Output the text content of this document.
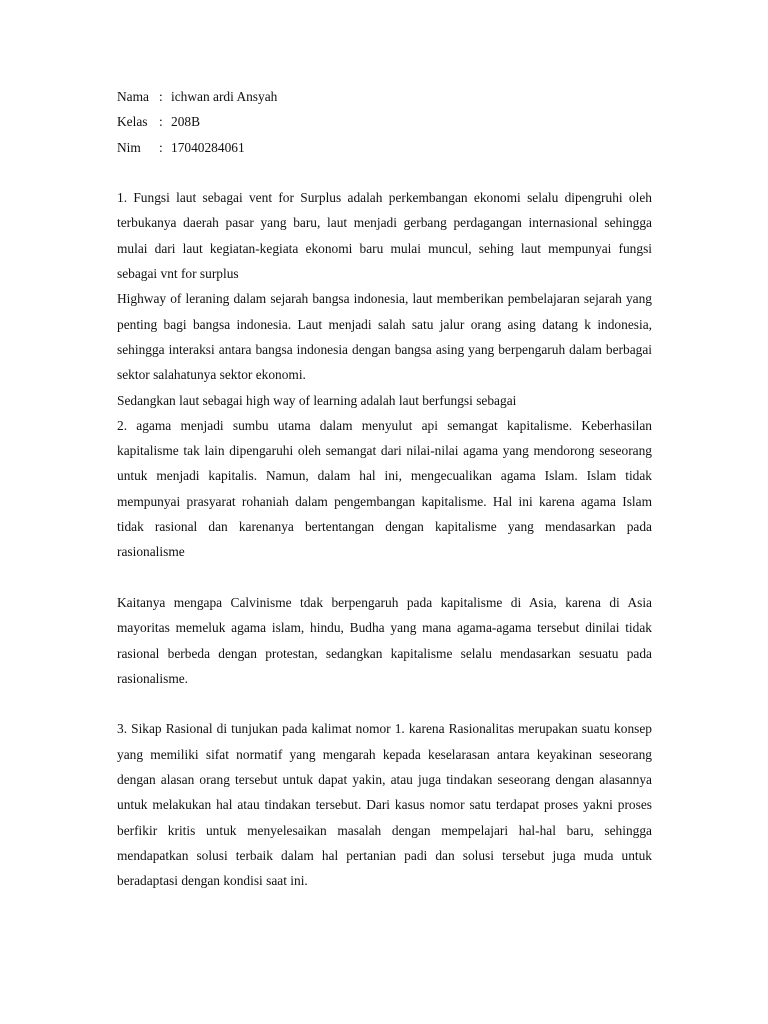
Nama : ichwan ardi Ansyah
Kelas : 208B
Nim : 17040284061

1. Fungsi laut sebagai vent for Surplus adalah perkembangan ekonomi selalu dipengruhi oleh terbukanya daerah pasar yang baru, laut menjadi gerbang perdagangan internasional sehingga mulai dari laut kegiatan-kegiata ekonomi baru mulai muncul, sehing laut mempunyai fungsi sebagai vnt for surplus

Highway of leraning dalam sejarah bangsa indonesia, laut memberikan pembelajaran sejarah yang penting bagi bangsa indonesia. Laut menjadi salah satu jalur orang asing datang k indonesia, sehingga interaksi antara bangsa indonesia dengan bangsa asing yang berpengaruh dalam berbagai sektor salahatunya sektor ekonomi.

Sedangkan laut sebagai high way of learning adalah laut berfungsi sebagai

2. agama menjadi sumbu utama dalam menyulut api semangat kapitalisme. Keberhasilan kapitalisme tak lain dipengaruhi oleh semangat dari nilai-nilai agama yang mendorong seseorang untuk menjadi kapitalis. Namun, dalam hal ini, mengecualikan agama Islam. Islam tidak mempunyai prasyarat rohaniah dalam pengembangan kapitalisme. Hal ini karena agama Islam tidak rasional dan karenanya bertentangan dengan kapitalisme yang mendasarkan pada rasionalisme

Kaitanya mengapa Calvinisme tdak berpengaruh pada kapitalisme di Asia, karena di Asia mayoritas memeluk agama islam, hindu, Budha yang mana agama-agama tersebut dinilai tidak rasional berbeda dengan protestan, sedangkan kapitalisme selalu mendasarkan sesuatu pada rasionalisme.

3. Sikap Rasional di tunjukan pada kalimat nomor 1. karena Rasionalitas merupakan suatu konsep yang memiliki sifat normatif yang mengarah kepada keselarasan antara keyakinan seseorang dengan alasan orang tersebut untuk dapat yakin, atau juga tindakan seseorang dengan alasannya untuk melakukan hal atau tindakan tersebut. Dari kasus nomor satu terdapat proses yakni proses berfikir kritis untuk menyelesaikan masalah dengan mempelajari hal-hal baru, sehingga mendapatkan solusi terbaik dalam hal pertanian padi dan solusi tersebut juga muda untuk beradaptasi dengan kondisi saat ini.
